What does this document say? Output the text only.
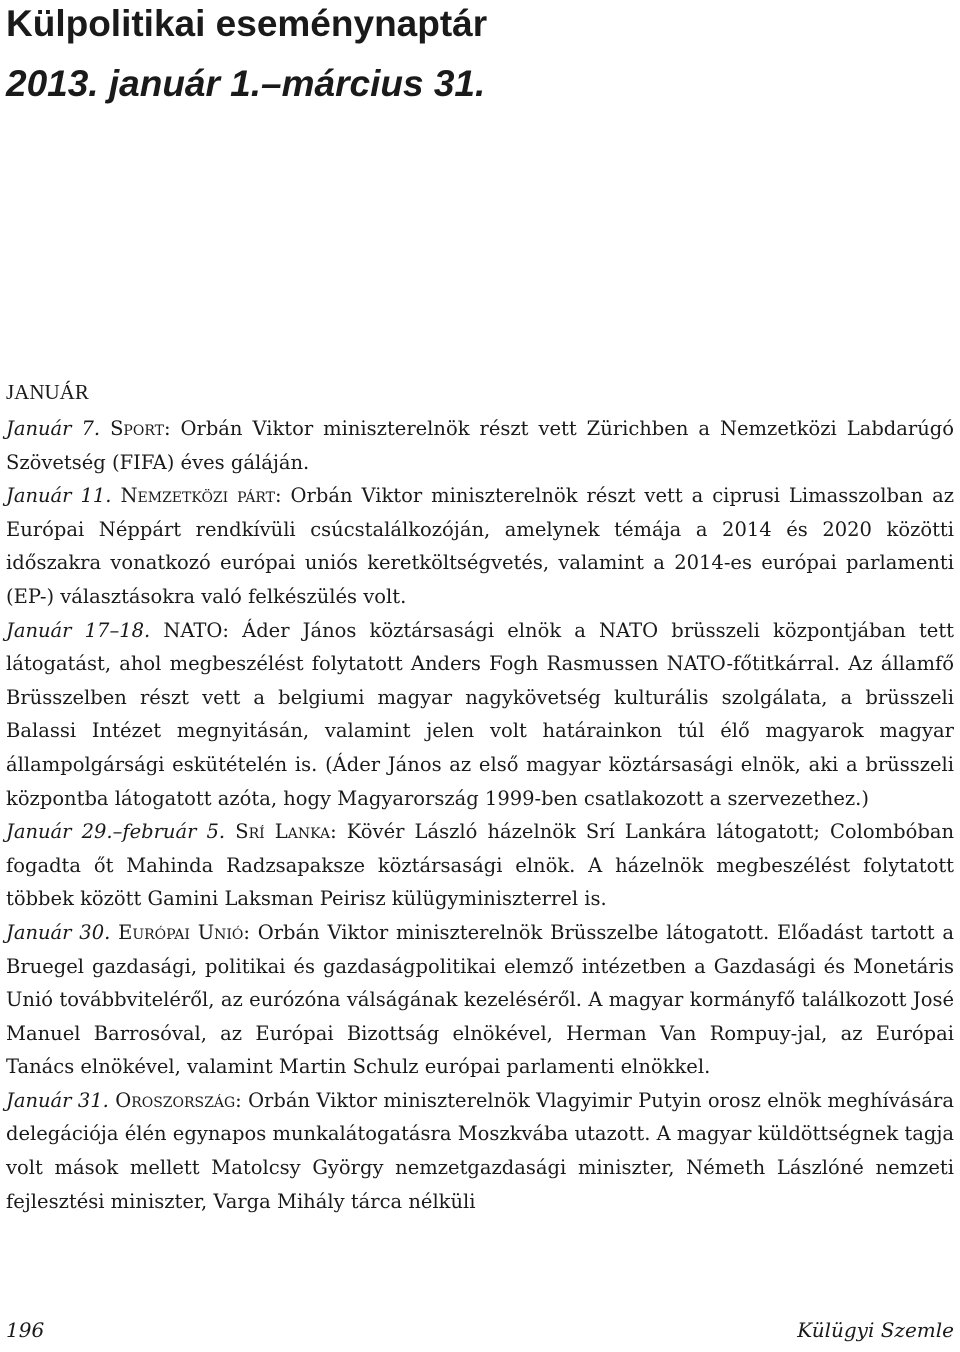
Külpolitikai eseménynaptár
2013. január 1.–március 31.
JANUÁR

Január 7. Sport: Orbán Viktor miniszterelnök részt vett Zürichben a Nemzetközi Labdarúgó Szövetség (FIFA) éves gáláján.

Január 11. Nemzetközi párt: Orbán Viktor miniszterelnök részt vett a ciprusi Limasszolban az Európai Néppárt rendkívüli csúcstalálkozóján, amelynek témája a 2014 és 2020 közötti időszakra vonatkozó európai uniós keretköltségvetés, valamint a 2014-es európai parlamenti (EP-) választásokra való felkészülés volt.

Január 17–18. NATO: Áder János köztársasági elnök a NATO brüsszeli központjában tett látogatást, ahol megbeszélést folytatott Anders Fogh Rasmussen NATO-főtitkárral. Az államfő Brüsszelben részt vett a belgiumi magyar nagykövetség kulturális szolgálata, a brüsszeli Balassi Intézet megnyitásán, valamint jelen volt határainkon túl élő magyarok magyar állampolgársági eskütételén is. (Áder János az első magyar köztársasági elnök, aki a brüsszeli központba látogatott azóta, hogy Magyarország 1999-ben csatlakozott a szervezethez.)

Január 29.–február 5. Srí Lanka: Kövér László házelnök Srí Lankára látogatott; Colombóban fogadta őt Mahinda Radzsapaksze köztársasági elnök. A házelnök megbeszélést folytatott többek között Gamini Laksman Peirisz külügyminiszterrel is.

Január 30. Európai Unió: Orbán Viktor miniszterelnök Brüsszelbe látogatott. Előadást tartott a Bruegel gazdasági, politikai és gazdaságpolitikai elemző intézetben a Gazdasági és Monetáris Unió továbbviteléről, az eurózóna válságának kezeléséről. A magyar kormányfő találkozott José Manuel Barrosóval, az Európai Bizottság elnökével, Herman Van Rompuy-jal, az Európai Tanács elnökével, valamint Martin Schulz európai parlamenti elnökkel.

Január 31. Oroszország: Orbán Viktor miniszterelnök Vlagyimir Putyin orosz elnök meghívására delegációja élén egynapos munkalátogatásra Moszkvába utazott. A magyar küldöttségnek tagja volt mások mellett Matolcsy György nemzetgazdasági miniszter, Németh Lászlóné nemzeti fejlesztési miniszter, Varga Mihály tárca nélküli

196	Külügyi Szemle
